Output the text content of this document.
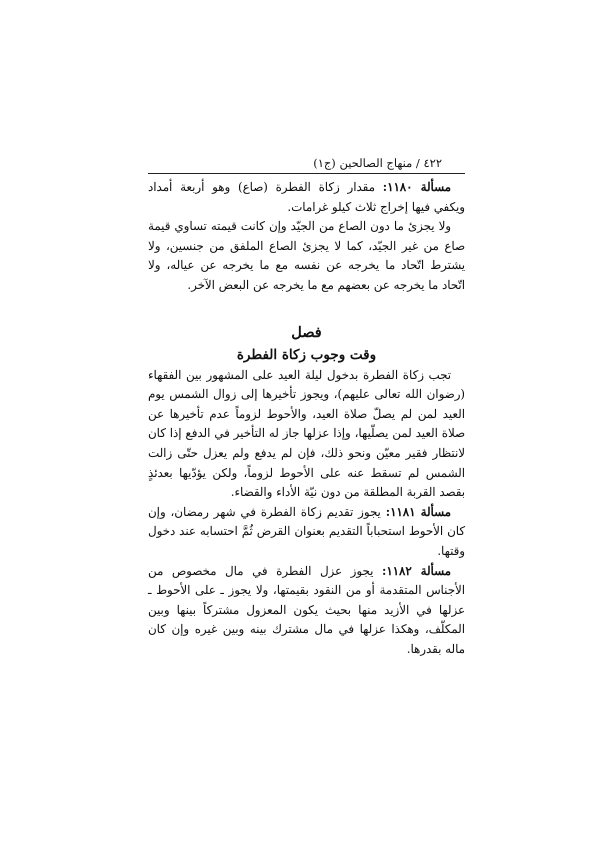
٤٢٢ / منهاج الصالحين (ج١)

مسألة ١١٨٠: مقدار زكاة الفطرة (صاع) وهو أربعة أمداد ويكفي فيها إخراج ثلاث كيلو غرامات.

ولا يجزئ ما دون الصاع من الجيّد وإن كانت قيمته تساوي قيمة صاع من غير الجيّد، كما لا يجزئ الصاع الملفق من جنسين، ولا يشترط اتّحاد ما يخرجه عن نفسه مع ما يخرجه عن عياله، ولا اتّحاد ما يخرجه عن بعضهم مع ما يخرجه عن البعض الآخر.

فصل

وقت وجوب زكاة الفطرة

تجب زكاة الفطرة بدخول ليلة العيد على المشهور بين الفقهاء (رضوان الله تعالى عليهم)، ويجوز تأخيرها إلى زوال الشمس يوم العيد لمن لم يصلّ صلاة العيد، والأحوط لزوماً عدم تأخيرها عن صلاة العيد لمن يصلّيها، وإذا عزلها جاز له التأخير في الدفع إذا كان لانتظار فقير معيّن ونحو ذلك، فإن لم يدفع ولم يعزل حتّى زالت الشمس لم تسقط عنه على الأحوط لزوماً، ولكن يؤدّيها بعدئذٍ بقصد القربة المطلقة من دون نيّة الأداء والقضاء.

مسألة ١١٨١: يجوز تقديم زكاة الفطرة في شهر رمضان، وإن كان الأحوط استحباباً التقديم بعنوان القرض ثُمَّ احتسابه عند دخول وقتها.

مسألة ١١٨٢: يجوز عزل الفطرة في مال مخصوص من الأجناس المتقدمة أو من النقود بقيمتها، ولا يجوز ـ على الأحوط ـ عزلها في الأزيد منها بحيث يكون المعزول مشتركاً بينها وبين المكلّف، وهكذا عزلها في مال مشترك بينه وبين غيره وإن كان ماله بقدرها.
